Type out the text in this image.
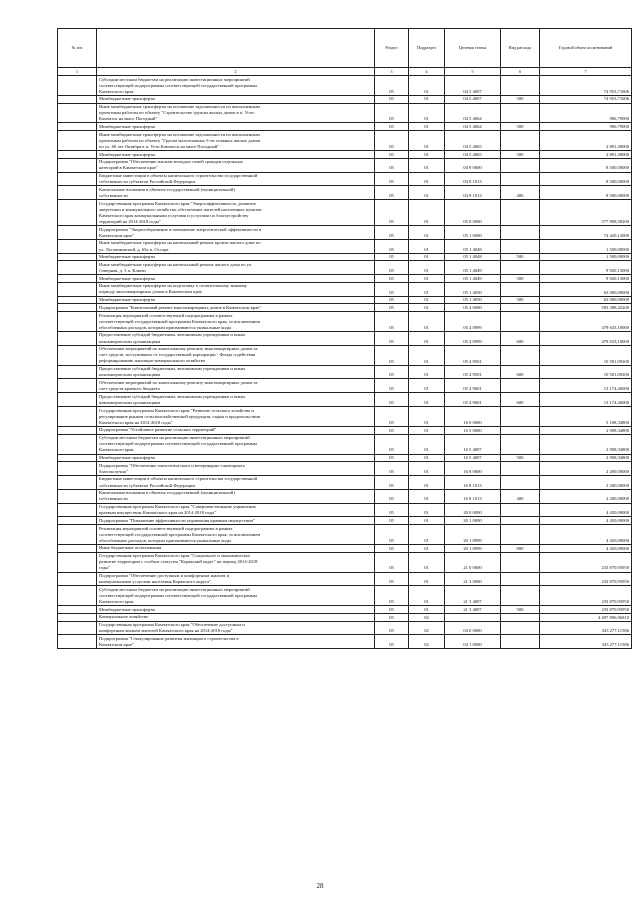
№ п/п		Раздел	Подраздел	Целевая статья	Вид расхода	Годовой объем ассигнований
1	2	3	4	5	6	7
	Субсидии местным бюджетам на реализацию инвестиционных мероприятий
соответствующей подпрограммы соответствующей государственной программы
Камчатского края	05	01	04 5 4007		74 953,71606
	Межбюджетные трансферты	05	01	04 5 4007	500	74 953,71606
	Иные межбюджетные трансферты на погашение задолженности по выполненным
проектным работам по объекту "Строительство группы жилых домов в п. Усть-
Камчатск на мысе Погодный"	05	01	04 5 4064		906,79000
	Межбюджетные трансферты	05	01	04 5 4064	500	906,79000
	Иные межбюджетные трансферты на погашение задолженности по выполненным
проектным работам по объекту "Группа малоэтажных 5-ти этажных жилых домов
по ул. 60 лет Октября в п. Усть-Камчатск на мысе Погодный"	05	01	04 5 4065		2 801,28000
	Межбюджетные трансферты	05	01	04 5 4065	500	2 801,28000
	Подпрограмма "Обеспечение жильем молодых семей граждан отдельных
категорий в Камчатском крае"	05	01	04 9 0000		8 500,00000
	Бюджетные инвестиции в объекты капитального строительства государственной
собственности субъектов Российской Федерации	05	01	04 9 1013		8 500,00000
	Капитальные вложения в объекты государственной (муниципальной)
собственности	05	01	04 9 1013	400	8 500,00000
	Государственная программа Камчатского края "Энергоэффективность, развитие
энергетики и коммунального хозяйства, обеспечение жителей населенных пунктов
Камчатского края коммунальными услугами и услугами по благоустройству
территорий на 2014-2018 годы"	05	01	05 0 0000		577 808,58200
	Подпрограмма "Энергосбережение и повышение энергетической эффективности в
Камчатском крае"	05	01	05 1 0000		74 420,13000
	Иные межбюджетные трансферты на капитальный ремонт кровли жилого дома по
ул. Луговиковской, д. 65а п. Оссора	05	01	05 1 4048		1 500,00000
	Межбюджетные трансферты	05	01	05 1 4048	500	1 500,00000
	Иные межбюджетные трансферты на капитальный ремонт жилого дома по ул.
Северная, д. 3 п. Ключи	05	01	05 1 4049		9 920,13000
	Межбюджетные трансферты	05	01	05 1 4049	500	9 920,13000
	Иные межбюджетные трансферты на подготовку к отопительному зимнему
периоду многоквартирных домов в Камчатском крае	05	01	05 1 4050		63 000,00000
	Межбюджетные трансферты	05	01	05 1 4050	500	63 000,00000
	Подпрограмма "Капитальный ремонт многоквартирных домов в Камчатском крае"	05	01	05 4 0000		503 388,45200
	Реализация мероприятий соответствующей подпрограммы в рамках
соответствующей государственной программы Камчатского края, за исключением
обособленных расходов, которым присваиваются уникальные коды	05	01	05 4 0999		479 633,10000
	Предоставление субсидий бюджетным, автономным учреждениям и иным
некоммерческим организациям	05	01	05 4 0999	600	479 633,10000
	Обеспечение мероприятий по капитальному ремонту многоквартирных домов за
счет средств, поступивших от государственной корпорации - Фонда содействия
реформированию жилищно-коммунального хозяйства	05	01	05 4 9501		10 581,09200
	Предоставление субсидий бюджетным, автономным учреждениям и иным
некоммерческим организациям	05	01	05 4 9501	600	10 581,09200
	Обеспечение мероприятий по капитальному ремонту многоквартирных домов за
счет средств краевого бюджета	05	01	05 4 9601		13 174,26000
	Предоставление субсидий бюджетным, автономным учреждениям и иным
некоммерческим организациям	05	01	05 4 9601	600	13 174,26000
	Государственная программа Камчатского края "Развитие сельского хозяйства и
регулирование рынков сельскохозяйственной продукции, сырья и продовольствия
Камчатского края на 2014-2018 годы"	05	01	16 0 0000		5 108,34800
	Подпрограмма "Устойчивое развитие сельских территорий"	05	01	16 5 0000		2 908,34800
	Субсидии местным бюджетам на реализацию инвестиционных мероприятий
соответствующей подпрограммы соответствующей государственной программы
Камчатского края	05	01	16 5 4007		2 908,34800
	Межбюджетные трансферты	05	01	16 5 4007	500	2 908,34800
	Подпрограмма "Обеспечение эпизоотического и ветеринарно-санитарного
благополучия"	05	01	16 8 0000		2 200,00000
	Бюджетные инвестиции в объекты капитального строительства государственной
собственности субъектов Российской Федерации	05	01	16 8 1013		2 200,00000
	Капитальные вложения в объекты государственной (муниципальной)
собственности	05	01	16 8 1013	400	2 200,00000
	Государственная программа Камчатского края "Совершенствование управления
краевым имуществом Камчатского края на 2014-2018 годы"	05	01	20 0 0000		4 450,00000
	Подпрограмма "Повышение эффективности управления краевым имуществом"	05	01	20 1 0000		4 450,00000
	Реализация мероприятий соответствующей подпрограммы в рамках
соответствующей государственной программы Камчатского края, за исключением
обособленных расходов, которым присваиваются уникальные коды	05	01	20 1 0999		4 450,00000
	Иные бюджетные ассигнования	05	01	20 1 0999	800	4 450,00000
	Государственная программа Камчатского края "Социальное и экономическое
развитие территории с особым статусом "Корякский округ" на период 2014-2018
годы"	05	01	21 0 0000		233 870,93950
	Подпрограмма "Обеспечение доступным и комфортным жильем и
коммунальными услугами населения Корякского округа"	05	01	21 3 0000		233 870,93950
	Субсидии местным бюджетам на реализацию инвестиционных мероприятий
соответствующей подпрограммы соответствующей государственной программы
Камчатского края	05	01	21 3 4007		233 870,93950
	Межбюджетные трансферты	05	01	21 3 4007	500	233 870,93950
	Коммунальное хозяйство	05	02			4 497 896,96810
	Государственная программа Камчатского края "Обеспечение доступным и
комфортным жильем жителей Камчатского края на 2014-2018 годы"	05	02	04 0 0000		343 277,11586
	Подпрограмма "Стимулирование развития жилищного строительства в
Камчатском крае"	05	02	04 1 0000		343 277,11586
28
